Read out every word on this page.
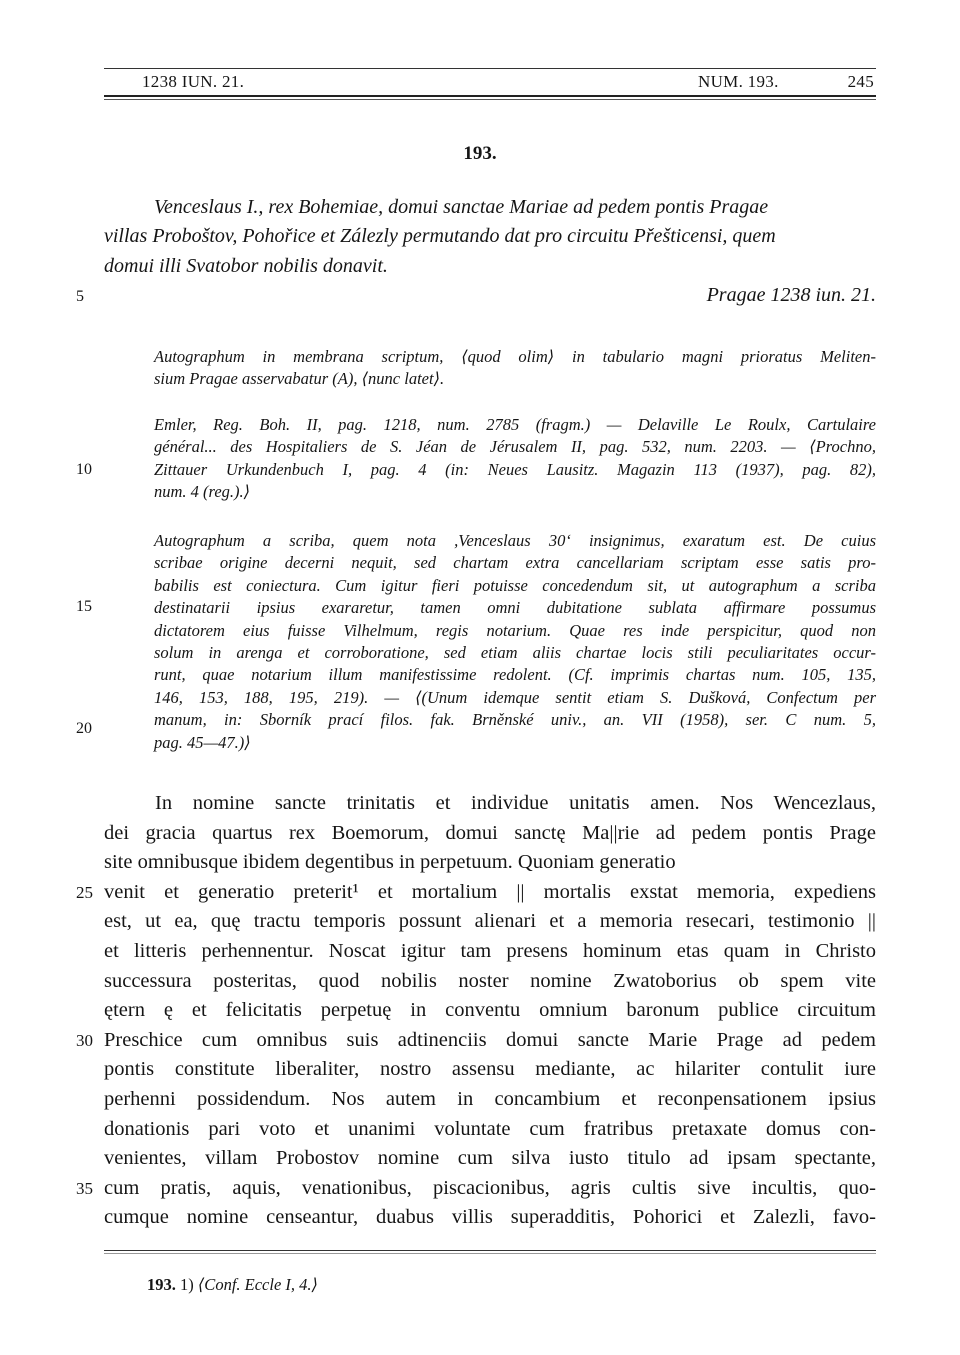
1238 IUN. 21.	NUM. 193.	245
193.
Venceslaus I., rex Bohemiae, domui sanctae Mariae ad pedem pontis Pragae
villas Proboštov, Pohořice et Zálezly permutando dat pro circuitu Přešticensi, quem
domui illi Svatobor nobilis donavit.
Pragae 1238 iun. 21.
Autographum in membrana scriptum, ⟨quod olim⟩ in tabulario magni prioratus Meliten-
sium Pragae asservabatur (A), ⟨nunc latet⟩.
Emler, Reg. Boh. II, pag. 1218, num. 2785 (fragm.) — Delaville Le Roulx, Cartulaire
général... des Hospitaliers de S. Jéan de Jérusalem II, pag. 532, num. 2203. — ⟨Prochno,
Zittauer Urkundenbuch I, pag. 4 (in: Neues Lausitz. Magazin 113 (1937), pag. 82),
num. 4 (reg.).⟩
Autographum a scriba, quem nota ,Venceslaus 30‘ insignimus, exaratum est. De cuius
scribae origine decerni nequit, sed chartam extra cancellariam scriptam esse satis pro-
babilis est coniectura. Cum igitur fieri potuisse concedendum sit, ut autographum a scriba
destinatarii ipsius exararetur, tamen omni dubitatione sublata affirmare possumus
dictatorem eius fuisse Vilhelmum, regis notarium. Quae res inde perspicitur, quod non
solum in arenga et corroboratione, sed etiam aliis chartae locis stili peculiaritates occur-
runt, quae notarium illum manifestissime redolent. (Cf. imprimis chartas num. 105, 135,
146, 153, 188, 195, 219). — ⟨(Unum idemque sentit etiam S. Dušková, Confectum per
manum, in: Sborník prací filos. fak. Brněnské univ., an. VII (1958), ser. C num. 5,
pag. 45—47.)⟩
In nomine sancte trinitatis et individue unitatis amen. Nos Wencezlaus,
dei gracia quartus rex Boemorum, domui sanctę Ma||rie ad pedem pontis Prage
site omnibusque ibidem degentibus in perpetuum. Quoniam generatio
venit et generatio preterit¹ et mortalium || mortalis exstat memoria, expediens
est, ut ea, quę tractu temporis possunt alienari et a memoria resecari, testimonio ||
et litteris perhennentur. Noscat igitur tam presens hominum etas quam in Christo
successura posteritas, quod nobilis noster nomine Zwatoborius ob spem vite
ętern ę et felicitatis perpetuę in conventu omnium baronum publice circuitum
Preschice cum omnibus suis adtinenciis domui sancte Marie Prage ad pedem
pontis constitute liberaliter, nostro assensu mediante, ac hilariter contulit iure
perhenni possidendum. Nos autem in concambium et reconpensationem ipsius
donationis pari voto et unanimi voluntate cum fratribus pretaxate domus con-
venientes, villam Probostov nomine cum silva iusto titulo ad ipsam spectante,
cum pratis, aquis, venationibus, piscacionibus, agris cultis sive incultis, quo-
cumque nomine censeantur, duabus villis superadditis, Pohorici et Zalezli, favo-
5
10
15
20
25
30
35
193. 1) ⟨Conf. Eccle I, 4.⟩
